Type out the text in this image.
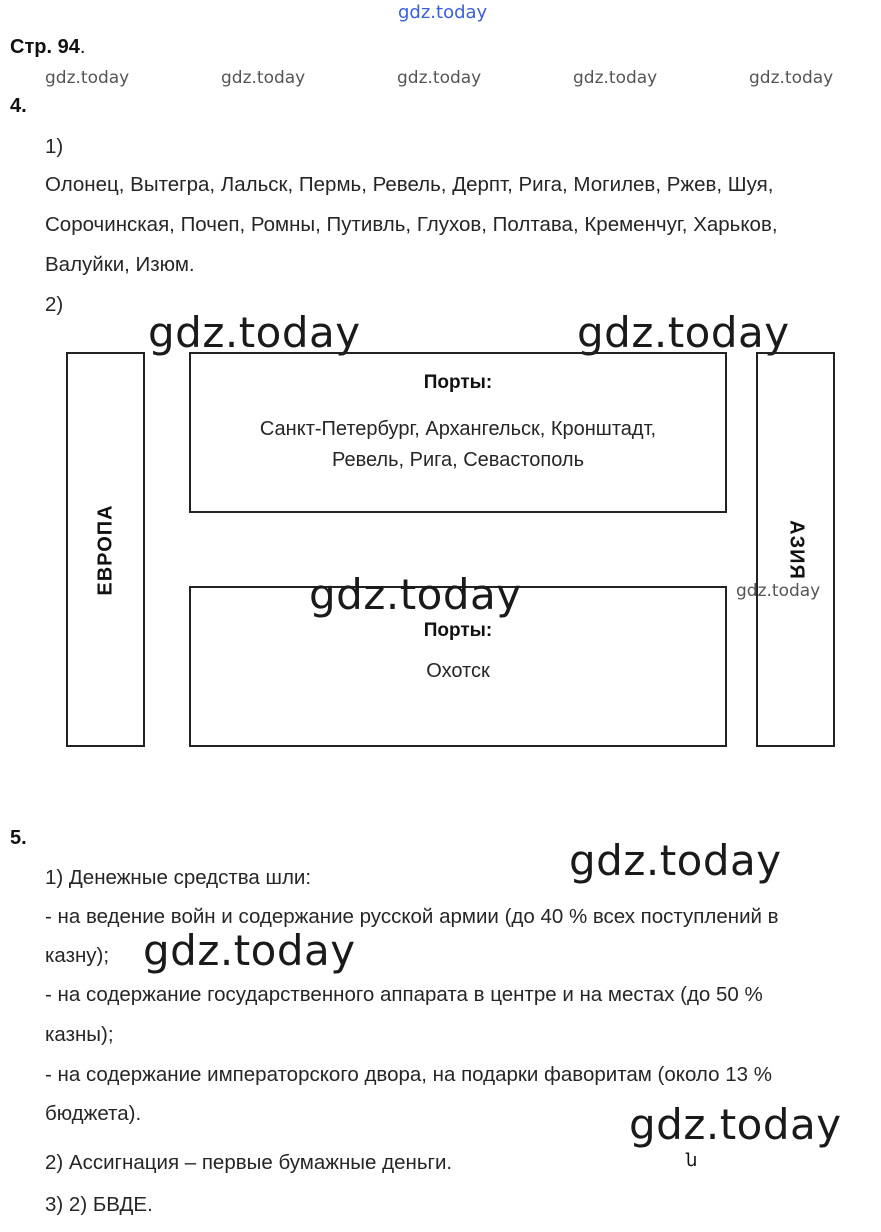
gdz.today
Стр. 94.
gdz.today	gdz.today	gdz.today	gdz.today	gdz.today
4.
1)
Олонец, Вытегра, Лальск, Пермь, Ревель, Дерпт, Рига, Могилев, Ржев, Шуя,
Сорочинская, Почеп, Ромны, Путивль, Глухов, Полтава, Кременчуг, Харьков,
Валуйки, Изюм.
2)
gdz.today	gdz.today
ЕВРОПА	АЗИЯ
Порты:
Санкт-Петербург, Архангельск, Кронштадт,
Ревель, Рига, Севастополь
Порты:
Охотск
gdz.today	gdz.today
5.	gdz.today
1) Денежные средства шли:
- на ведение войн и содержание русской армии (до 40 % всех поступлений в
казну); gdz.today
- на содержание государственного аппарата в центре и на местах (до 50 %
казны);
- на содержание императорского двора, на подарки фаворитам (около 13 %
бюджета).	gdz.today
2) Ассигнация – первые бумажные деньги.	ն
3) 2) БВДЕ.
